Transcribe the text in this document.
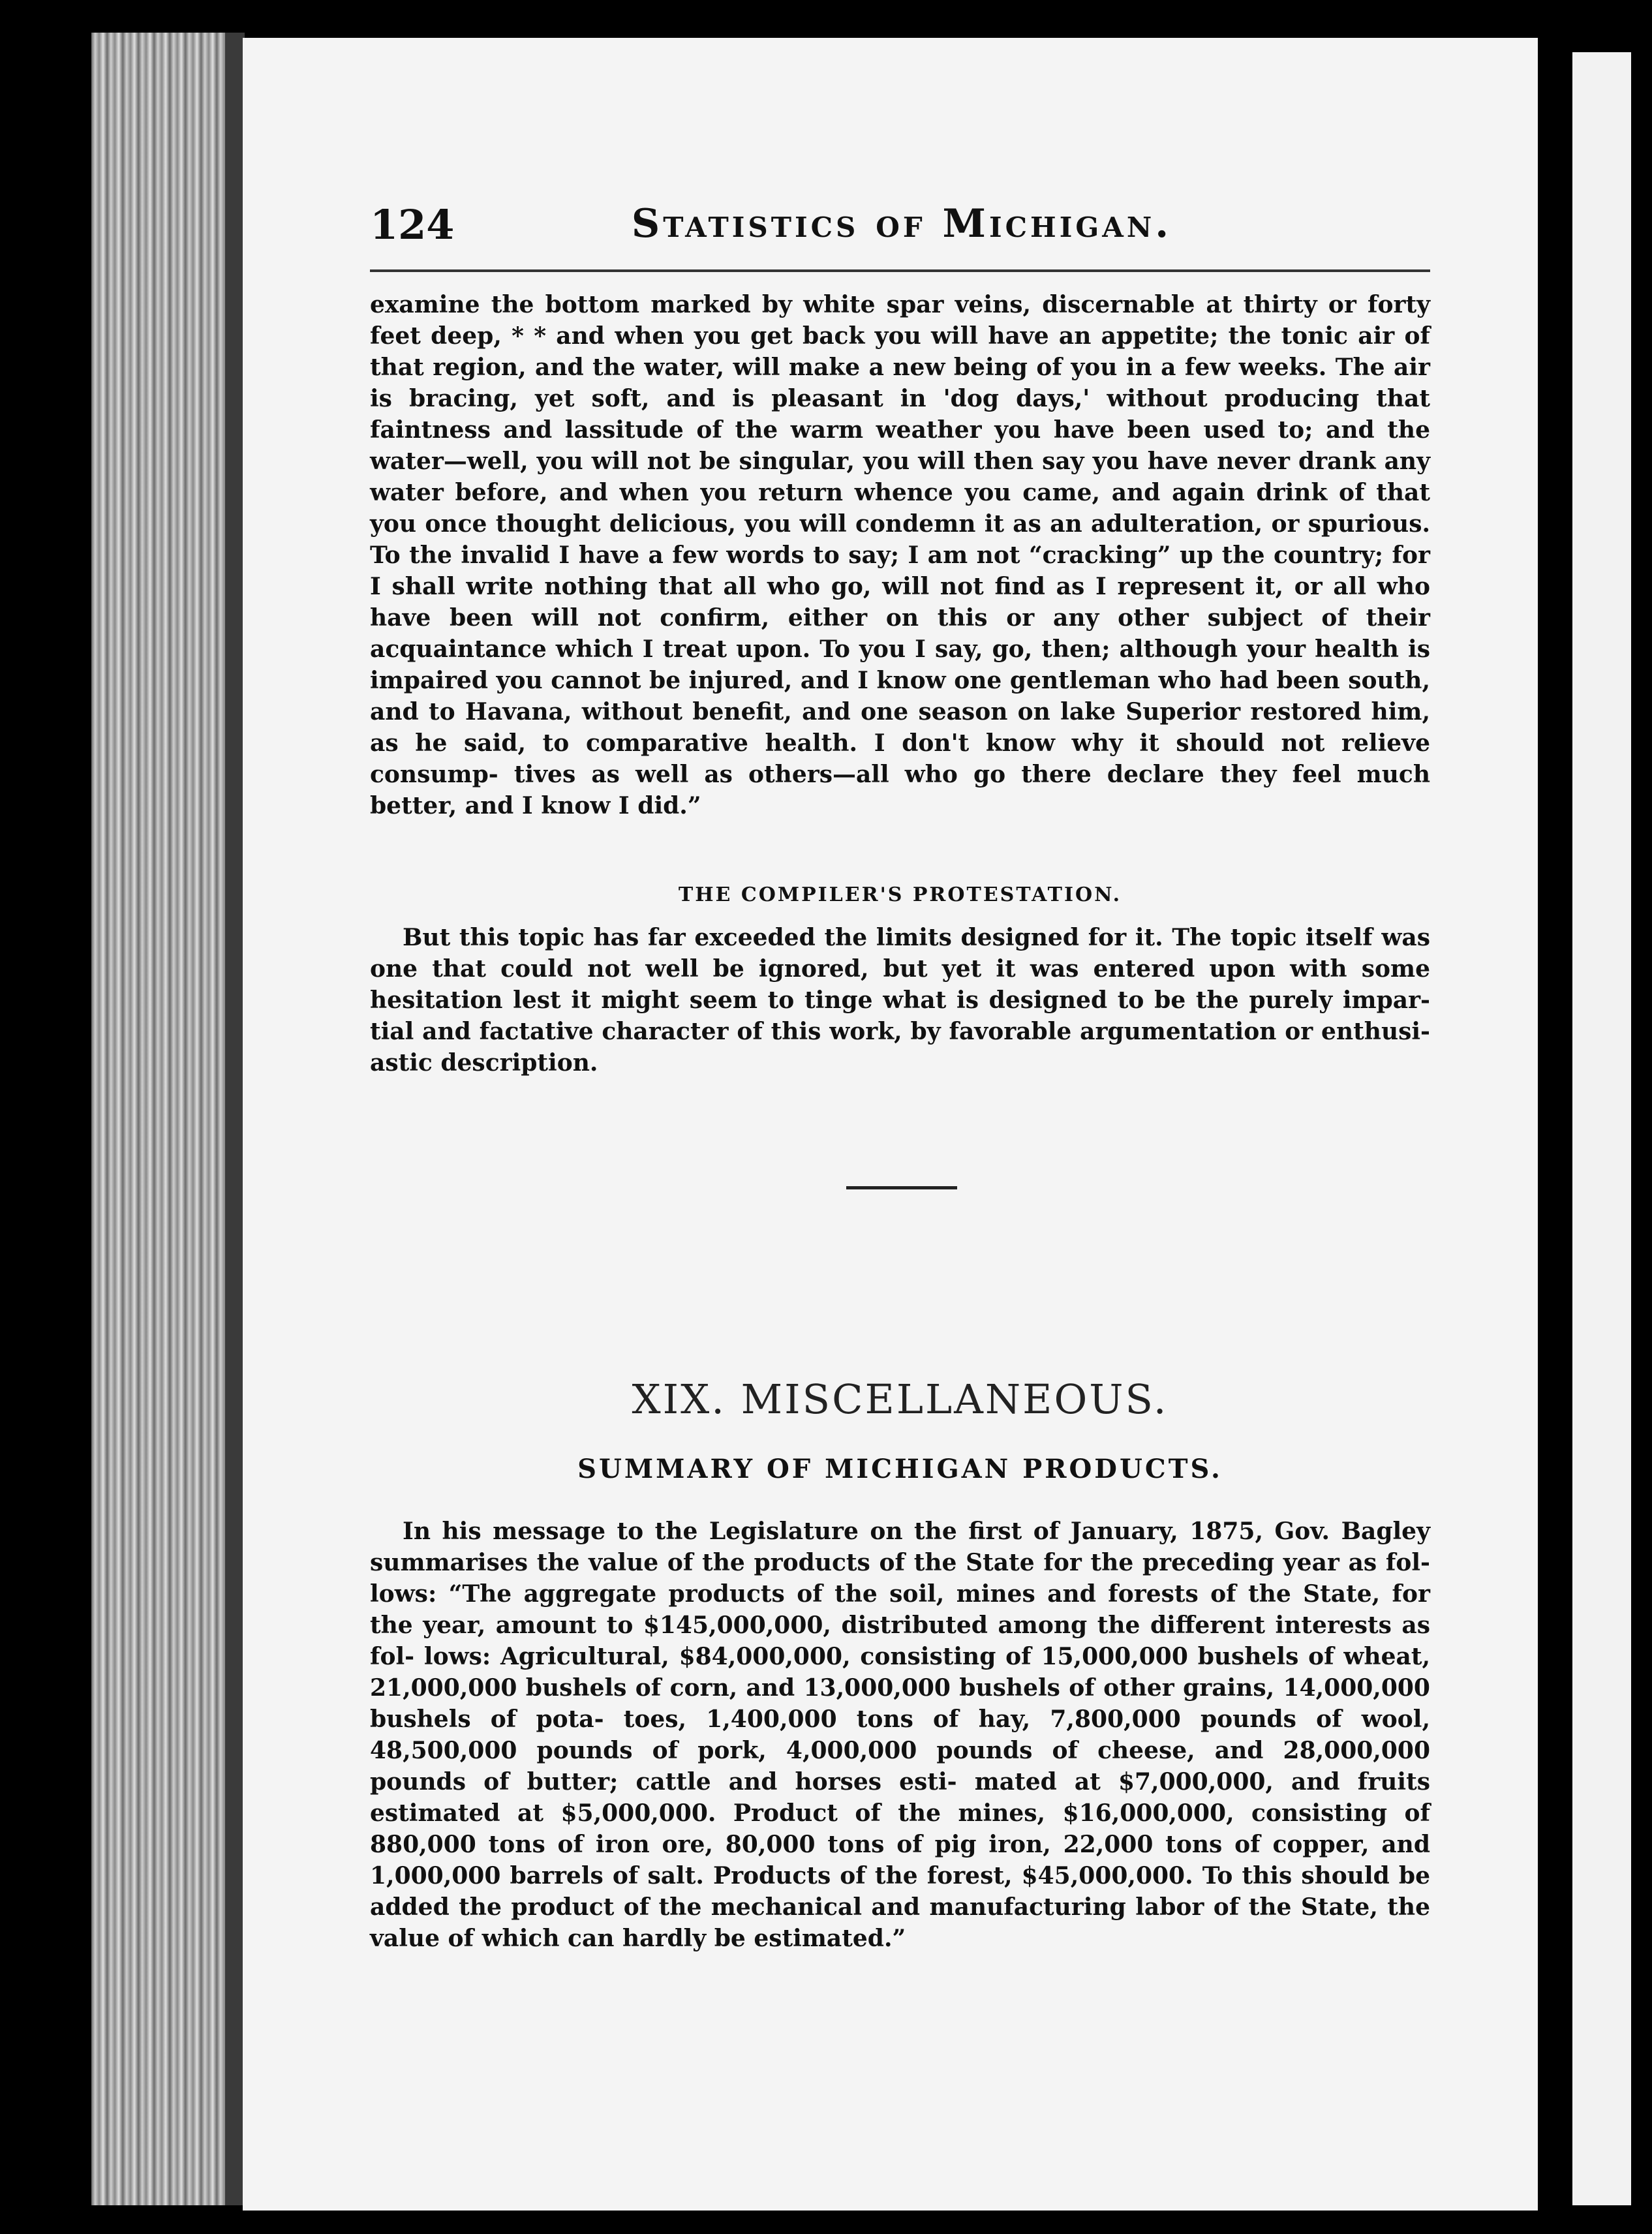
124	Statistics of Michigan.

examine the bottom marked by white spar veins, discernable at thirty or forty feet deep, * * and when you get back you will have an appetite; the tonic air of that region, and the water, will make a new being of you in a few weeks. The air is bracing, yet soft, and is pleasant in 'dog days,' without producing that faintness and lassitude of the warm weather you have been used to; and the water—well, you will not be singular, you will then say you have never drank any water before, and when you return whence you came, and again drink of that you once thought delicious, you will condemn it as an adulteration, or spurious. To the invalid I have a few words to say; I am not “cracking” up the country; for I shall write nothing that all who go, will not find as I represent it, or all who have been will not confirm, either on this or any other subject of their acquaintance which I treat upon. To you I say, go, then; although your health is impaired you cannot be injured, and I know one gentleman who had been south, and to Havana, without benefit, and one season on lake Superior restored him, as he said, to comparative health. I don't know why it should not relieve consump- tives as well as others—all who go there declare they feel much better, and I know I did.”

THE COMPILER'S PROTESTATION.

But this topic has far exceeded the limits designed for it. The topic itself was one that could not well be ignored, but yet it was entered upon with some hesitation lest it might seem to tinge what is designed to be the purely impar- tial and factative character of this work, by favorable argumentation or enthusi- astic description.

XIX. MISCELLANEOUS.
SUMMARY OF MICHIGAN PRODUCTS.

In his message to the Legislature on the first of January, 1875, Gov. Bagley summarises the value of the products of the State for the preceding year as fol- lows: “The aggregate products of the soil, mines and forests of the State, for the year, amount to $145,000,000, distributed among the different interests as fol- lows: Agricultural, $84,000,000, consisting of 15,000,000 bushels of wheat, 21,000,000 bushels of corn, and 13,000,000 bushels of other grains, 14,000,000 bushels of pota- toes, 1,400,000 tons of hay, 7,800,000 pounds of wool, 48,500,000 pounds of pork, 4,000,000 pounds of cheese, and 28,000,000 pounds of butter; cattle and horses esti- mated at $7,000,000, and fruits estimated at $5,000,000. Product of the mines, $16,000,000, consisting of 880,000 tons of iron ore, 80,000 tons of pig iron, 22,000 tons of copper, and 1,000,000 barrels of salt. Products of the forest, $45,000,000. To this should be added the product of the mechanical and manufacturing labor of the State, the value of which can hardly be estimated.”
